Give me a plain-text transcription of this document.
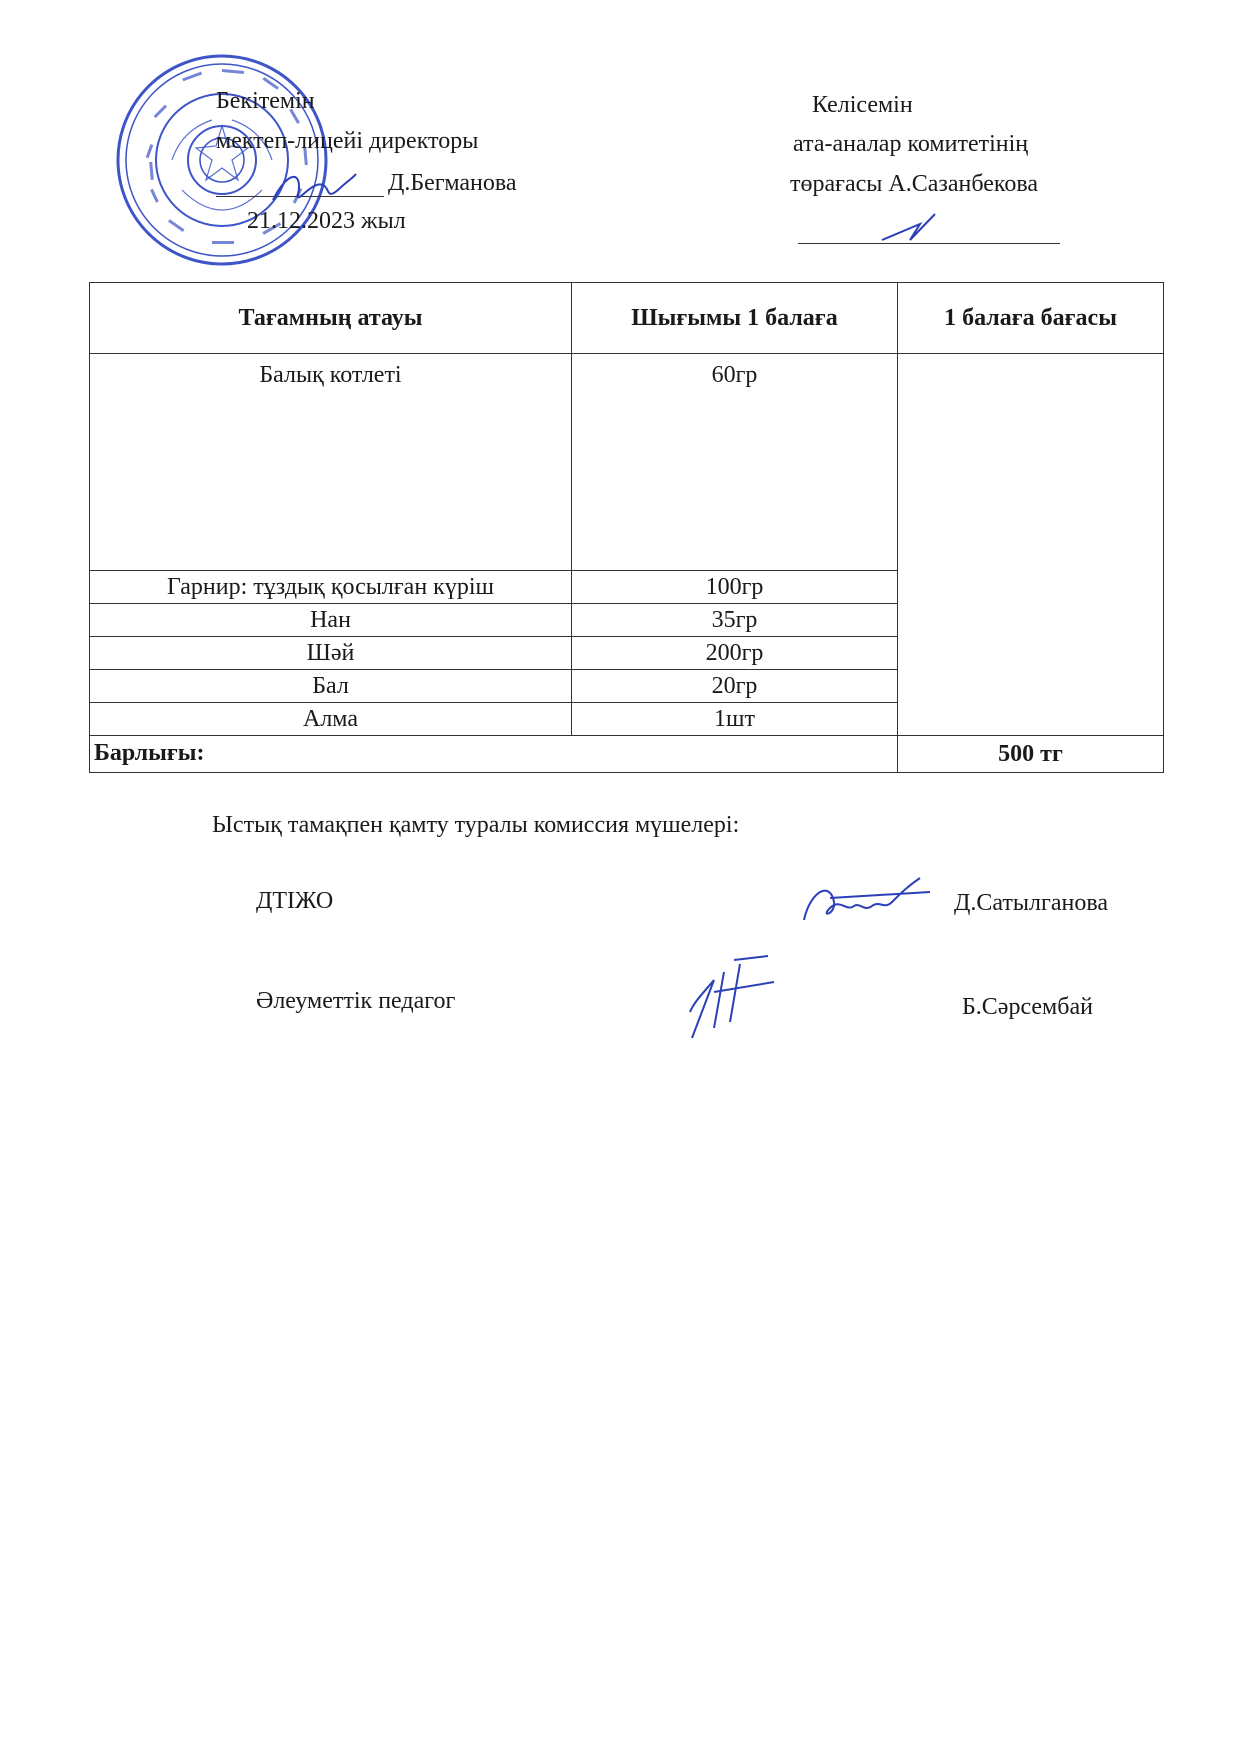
Бекітемін
мектеп-лицейі директоры
Д.Бегманова
21.12.2023 жыл
Келісемін
ата-аналар комитетінің
төрағасы А.Сазанбекова
Тағамның атауы	Шығымы 1 балаға	1 балаға бағасы
Балық котлеті	60гр	
Гарнир: тұздық қосылған күріш	100гр	
Нан	35гр	
Шәй	200гр	
Бал	20гр	
Алма	1шт	
Барлығы:		500 тг
Ыстық тамақпен қамту туралы комиссия мүшелері:
ДТІЖО	Д.Сатылганова
Әлеуметтік педагог	Б.Сәрсембай
